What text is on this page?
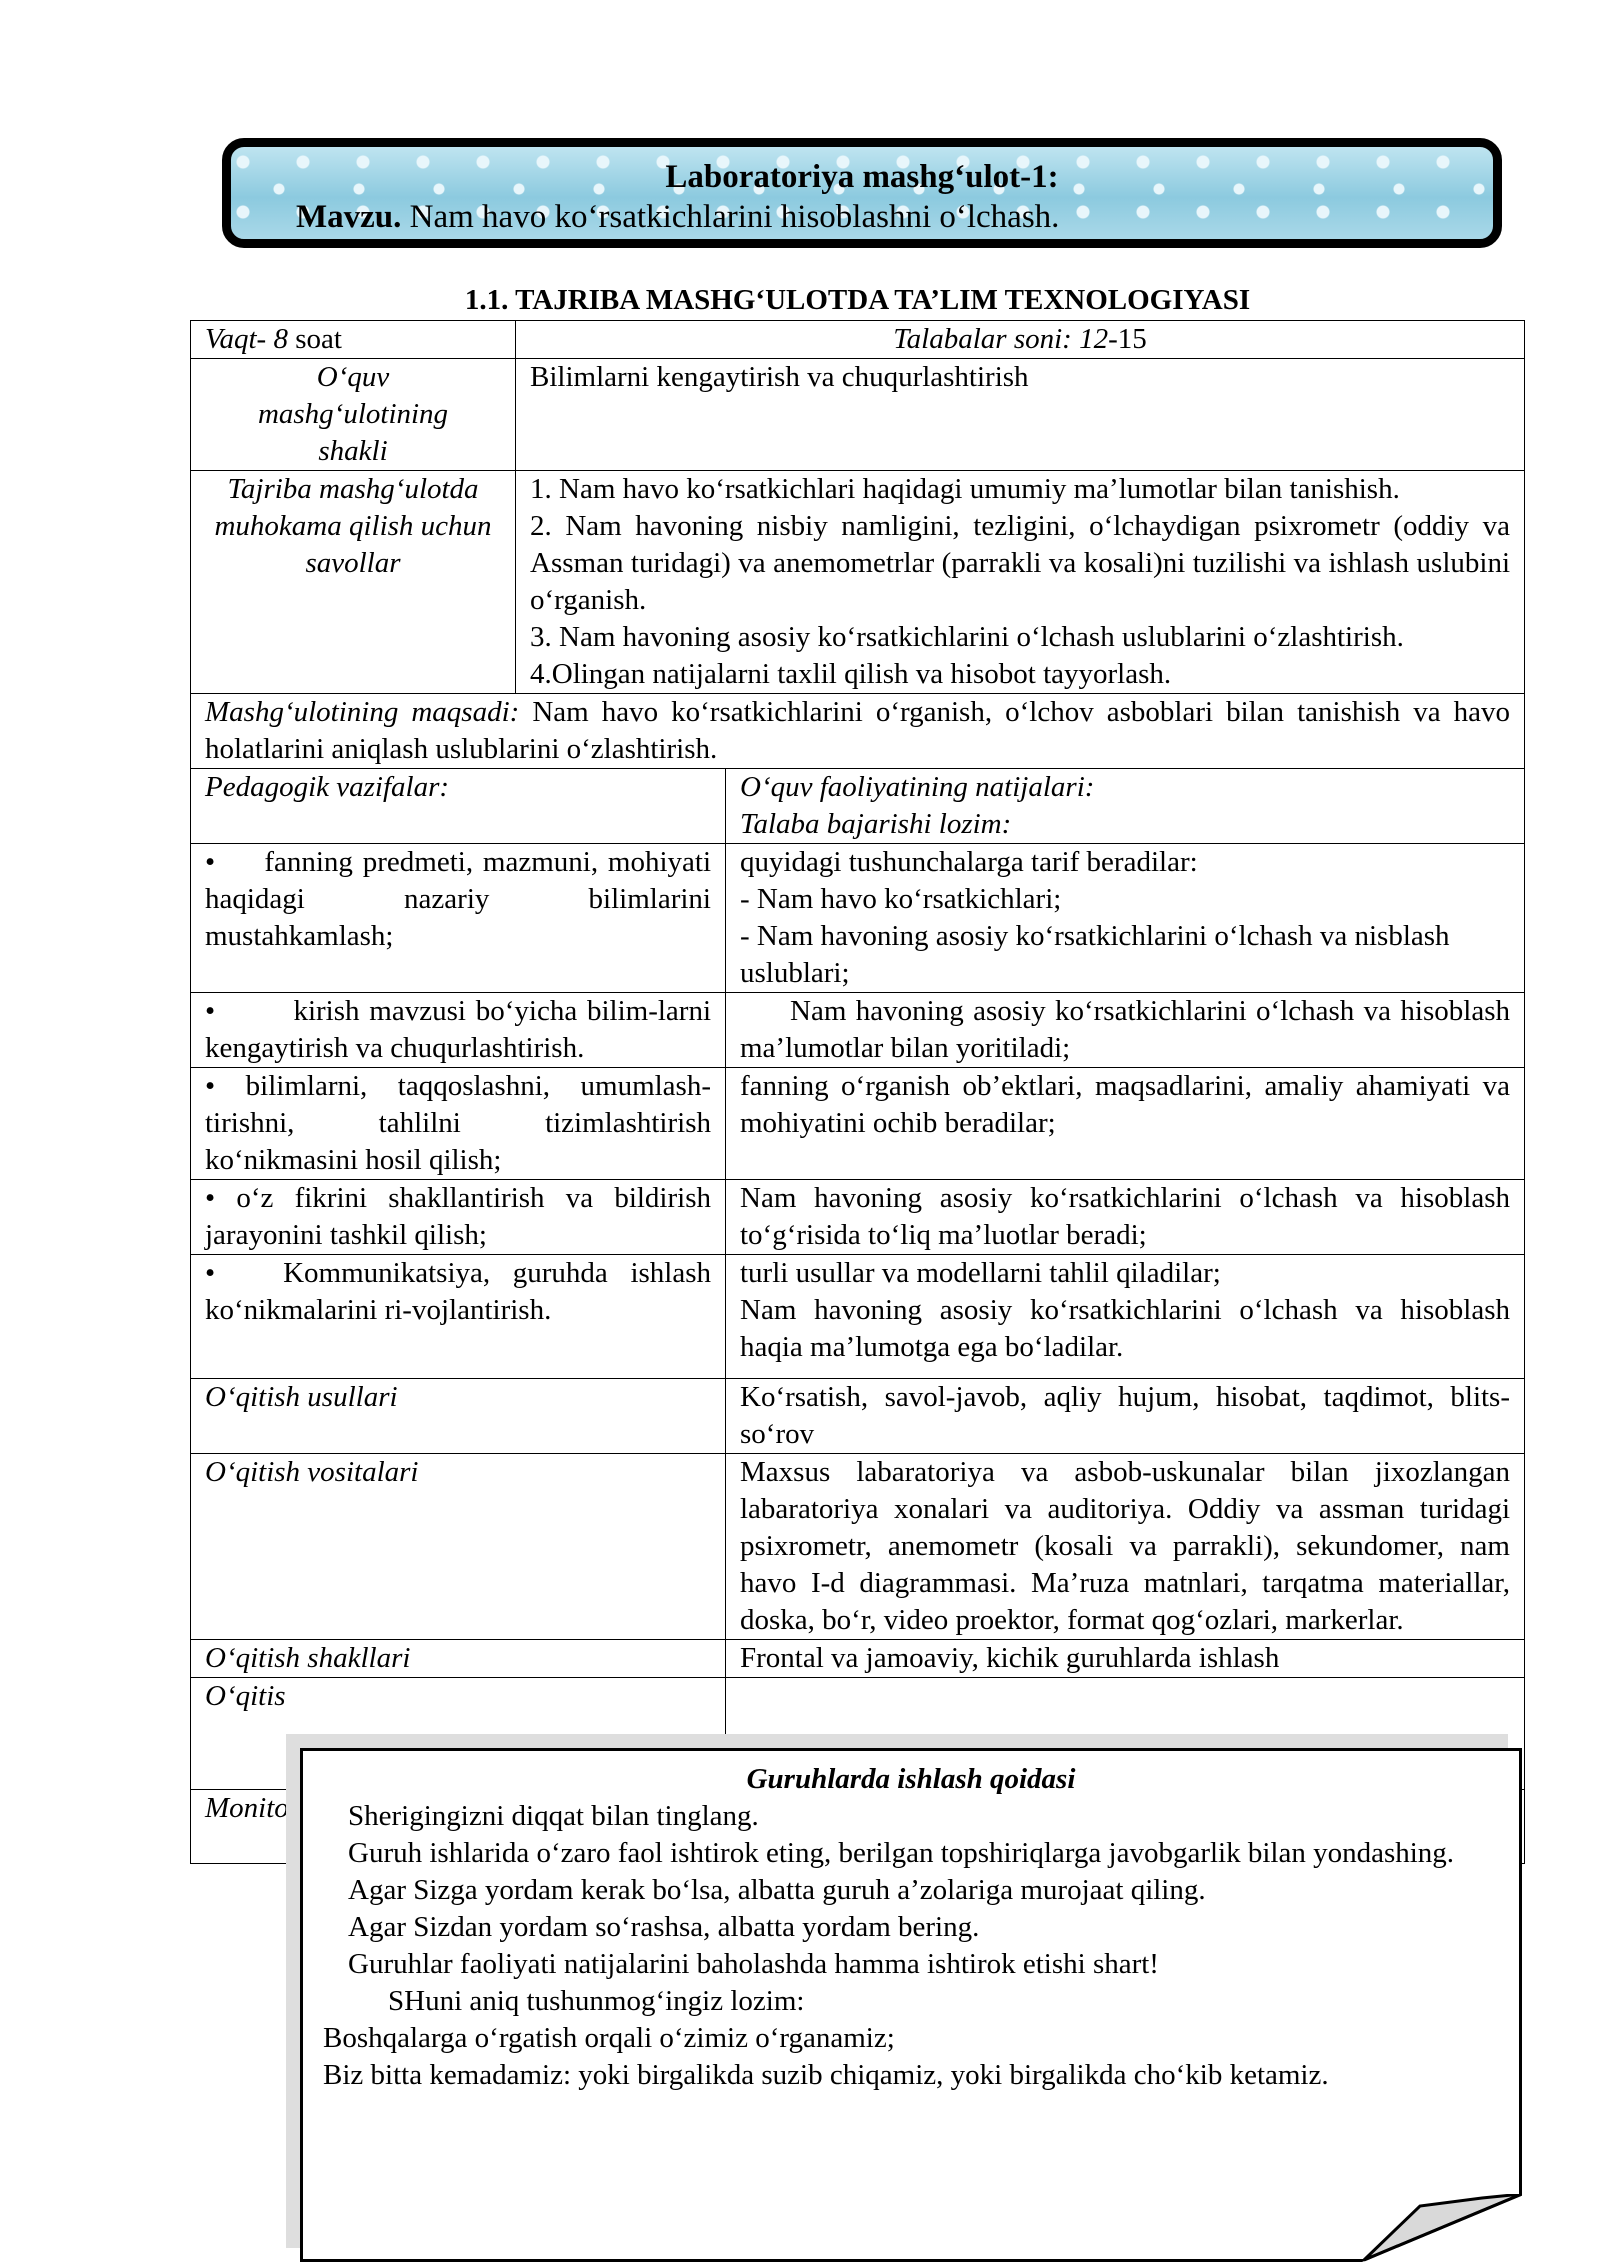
Laboratoriya mashg‘ulot-1:
Mavzu. Nam havo ko‘rsatkichlarini hisoblashni o‘lchash.
1.1. TAJRIBA MASHG‘ULOTDA TA’LIM TEXNOLOGIYASI
Vaqt- 8 soat	Talabalar soni: 12-15	
O‘quv mashg‘ulotining shakli	Bilimlarni kengaytirish va chuqurlashtirish	
Tajriba mashg‘ulotda muhokama qilish uchun savollar	1. Nam havo ko‘rsatkichlari haqidagi umumiy ma’lumotlar bilan tanishish.
2. Nam havoning nisbiy namligini, tezligini, o‘lchaydigan psixrometr (oddiy va Assman turidagi) va anemometrlar (parrakli va kosali)ni tuzilishi va ishlash uslubini o‘rganish.
3. Nam havoning asosiy ko‘rsatkichlarini o‘lchash uslublarini o‘zlashtirish.
4.Olingan natijalarni taxlil qilish va hisobot tayyorlash.	

Mashg‘ulotining maqsadi: Nam havo ko‘rsatkichlarini o‘rganish, o‘lchov asboblari bilan tanishish va havo holatlarini aniqlash uslublarini o‘zlashtirish.		
Pedagogik vazifalar:		O‘quv faoliyatining natijalari:
Talaba bajarishi lozim:

•     fanning predmeti, mazmuni, mohiyati haqidagi nazariy bilimlarini mustahkamlash;		quyidagi tushunchalarga tarif beradilar:
- Nam havo ko‘rsatkichlari;
- Nam havoning asosiy ko‘rsatkichlarini o‘lchash va nisblash uslublari;

•        kirish mavzusi bo‘yicha bilim-larni kengaytirish va chuqurlashtirish.		Nam havoning asosiy ko‘rsatkichlarini o‘lchash va hisoblash ma’lumotlar bilan yoritiladi;
• bilimlarni, taqqoslashni, umumlash-tirishni, tahlilni tizimlashtirish ko‘nikmasini hosil qilish;		fanning o‘rganish ob’ektlari, maqsadlarini, amaliy ahamiyati va mohiyatini ochib beradilar;
• o‘z fikrini shakllantirish va bildirish jarayonini tashkil qilish;		Nam havoning asosiy ko‘rsatkichlarini o‘lchash va hisoblash to‘g‘risida to‘liq ma’luotlar beradi;
•   Kommunikatsiya, guruhda ishlash ko‘nikmalarini ri-vojlantirish.		turli usullar va modellarni tahlil qiladilar;
Nam havoning asosiy ko‘rsatkichlarini o‘lchash va hisoblash haqia ma’lumotga ega bo‘ladilar.

O‘qitish usullari		Ko‘rsatish, savol-javob, aqliy hujum, hisobat, taqdimot, blits-so‘rov
O‘qitish vositalari		Maxsus labaratoriya va asbob-uskunalar bilan jixozlangan labaratoriya xonalari va auditoriya. Oddiy va assman turidagi psixrometr, anemometr (kosali va parrakli), sekundomer, nam havo I-d diagrammasi. Ma’ruza matnlari, tarqatma materiallar, doska, bo‘r, video proektor, format qog‘ozlari, markerlar.
O‘qitish shakllari		Frontal va jamoaviy, kichik guruhlarda ishlash
O‘qitis		
Monito		
Guruhlarda ishlash qoidasi

Sherigingizni diqqat bilan tinglang.

Guruh ishlarida o‘zaro faol ishtirok eting, berilgan topshiriqlarga javobgarlik bilan yondashing.

Agar Sizga yordam kerak bo‘lsa, albatta guruh a’zolariga murojaat qiling.

Agar Sizdan yordam so‘rashsa, albatta yordam bering.

Guruhlar faoliyati natijalarini baholashda hamma ishtirok etishi shart!

SHuni aniq tushunmog‘ingiz lozim:

Boshqalarga o‘rgatish orqali o‘zimiz o‘rganamiz;

Biz bitta kemadamiz: yoki birgalikda suzib chiqamiz, yoki birgalikda cho‘kib ketamiz.
